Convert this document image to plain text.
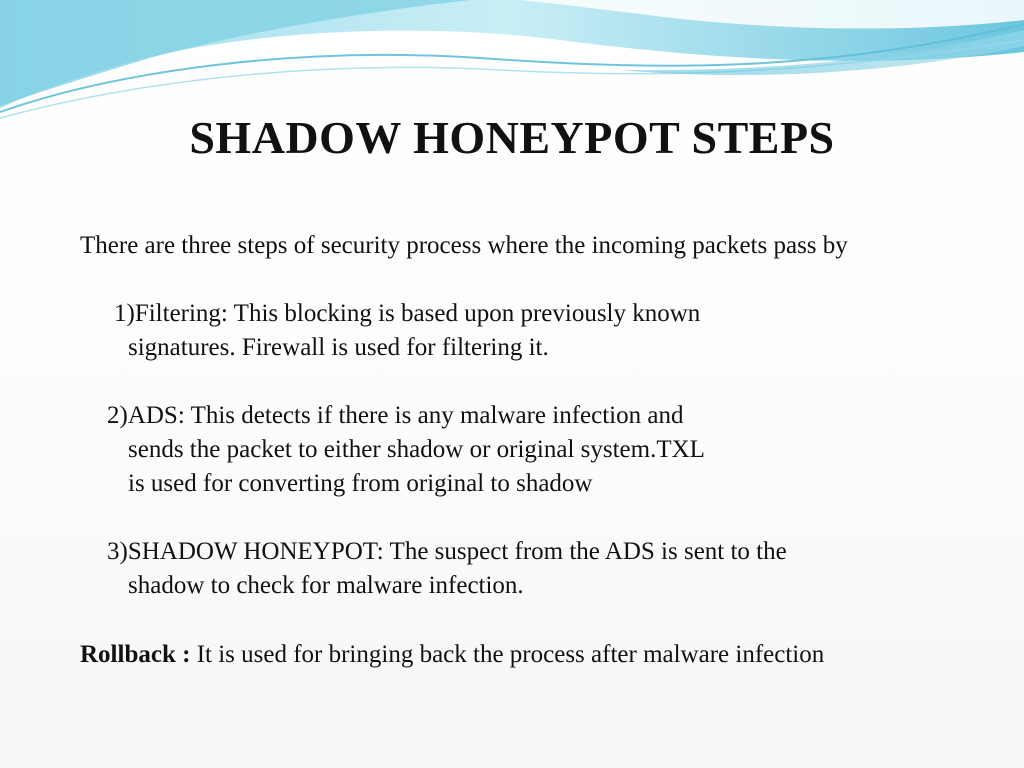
SHADOW HONEYPOT STEPS

There are three steps of security process where the incoming packets pass by

1)Filtering: This blocking is based upon previously known

signatures. Firewall is used for filtering it.

2)ADS: This detects if there is any malware infection and

sends the packet to either shadow or original system.TXL

is used for converting from original to shadow

3)SHADOW HONEYPOT: The suspect from the ADS is sent to the

shadow to check for malware infection.

Rollback : It is used for bringing back the process after malware infection
